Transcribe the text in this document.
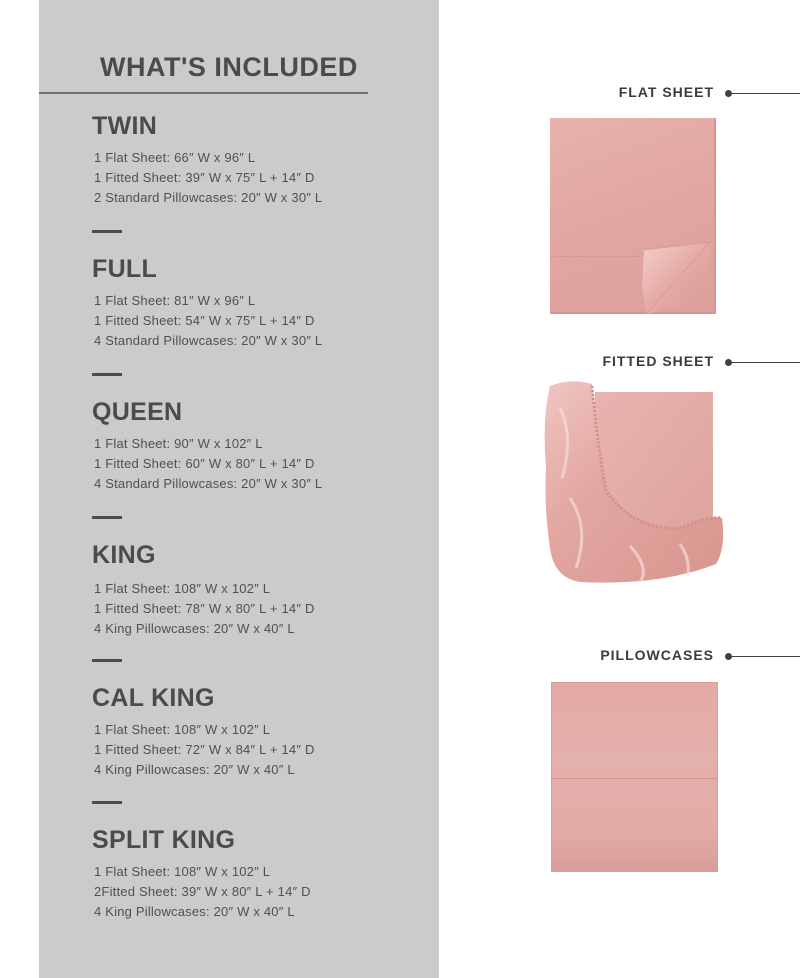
WHAT'S INCLUDED
TWIN
1 Flat Sheet: 66″ W x 96″ L
1 Fitted Sheet: 39″ W x 75″ L + 14″ D
2 Standard Pillowcases: 20″ W x 30″ L
FULL
1 Flat Sheet: 81″ W x 96″ L
1 Fitted Sheet: 54″ W x 75″ L + 14″ D
4 Standard Pillowcases: 20″ W x 30″ L
QUEEN
1 Flat Sheet: 90″ W x 102″ L
1 Fitted Sheet: 60″ W x 80″ L + 14″ D
4 Standard Pillowcases: 20″ W x 30″ L
KING
1 Flat Sheet: 108″ W x 102″ L
1 Fitted Sheet: 78″ W x 80″ L + 14″ D
4 King Pillowcases: 20″ W x 40″ L
CAL KING
1 Flat Sheet: 108″ W x 102″ L
1 Fitted Sheet: 72″ W x 84″ L + 14″ D
4 King Pillowcases: 20″ W x 40″ L
SPLIT KING
1 Flat Sheet: 108″ W x 102″ L
2Fitted Sheet: 39″ W x 80″ L + 14″ D
4 King Pillowcases: 20″ W x 40″ L
FLAT SHEET
FITTED SHEET
PILLOWCASES
